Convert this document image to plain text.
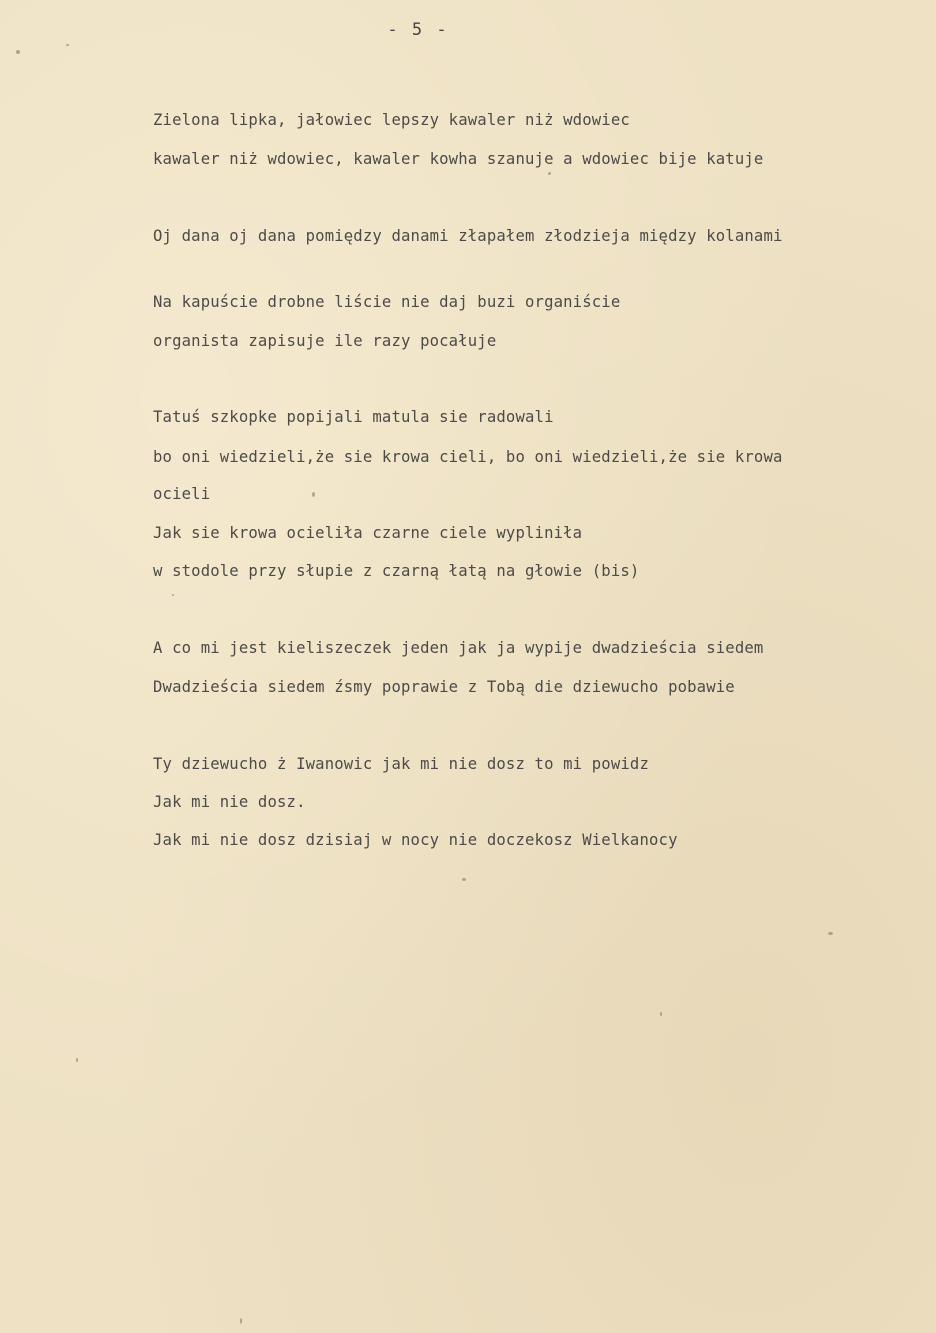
- 5 -
Zielona lipka, jałowiec lepszy kawaler niż wdowiec
kawaler niż wdowiec, kawaler kowha szanuje a wdowiec bije katuje
Oj dana oj dana pomiędzy danami złapałem złodzieja między kolanami
Na kapuście drobne liście nie daj buzi organiście
organista zapisuje ile razy pocałuje
Tatuś szkopke popijali matula sie radowali
bo oni wiedzieli,że sie krowa cieli, bo oni wiedzieli,że sie krowa
ocieli
Jak sie krowa ocieliła czarne ciele wypliniła
w stodole przy słupie z czarną łatą na głowie (bis)
A co mi jest kieliszeczek jeden jak ja wypije dwadzieścia siedem
Dwadzieścia siedem źsmy poprawie z Tobą die dziewucho pobawie
Ty dziewucho ż Iwanowic jak mi nie dosz to mi powidz
Jak mi nie dosz.
Jak mi nie dosz dzisiaj w nocy nie doczekosz Wielkanocy
